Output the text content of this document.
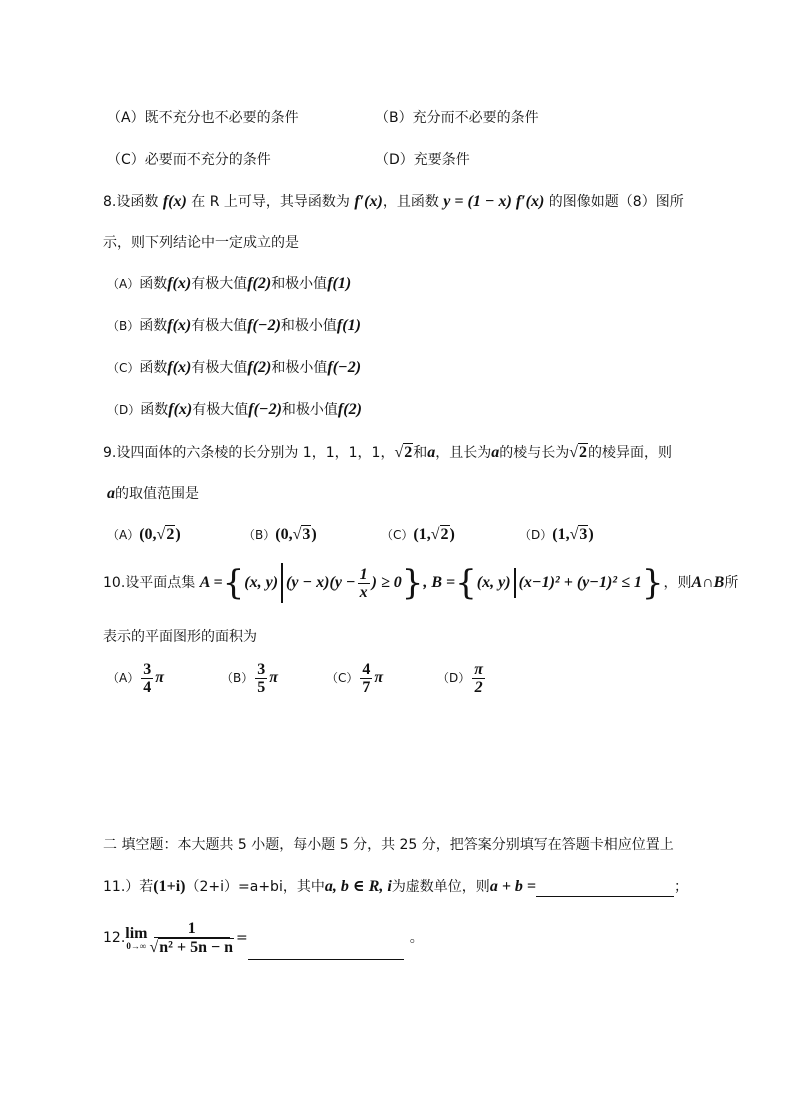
（A）既不充分也不必要的条件	（B）充分而不必要的条件
（C）必要而不充分的条件	（D）充要条件
8.设函数 f(x) 在 R 上可导，其导函数为 f′(x)，且函数 y = (1 − x) f′(x) 的图像如题（8）图所
示，则下列结论中一定成立的是
（A）函数f(x)有极大值f(2)和极小值f(1)
（B）函数f(x)有极大值f(−2)和极小值f(1)
（C）函数f(x)有极大值f(2)和极小值f(−2)
（D）函数f(x)有极大值f(−2)和极小值f(2)
9.设四面体的六条棱的长分别为 1，1，1，1，√2和a，且长为a的棱与长为√2的棱异面，则
a的取值范围是
（A）(0,√2)	（B）(0,√3)	（C）(1,√2)	（D）(1,√3)
10.设平面点集 A ={(x, y) $(y - x)(y - \frac{1}{x}$ ) ≥ 0}, B ={(x, y) (x−1)² + (y−1)² ≤ 1}，则A∩B所
表示的平面图形的面积为
$(A) \frac{3}{4}$ π	$(B) \frac{3}{5}$ π	$(C) \frac{4}{7}$ π	$(D) \frac{\pi}{2}$
二 填空题：本大题共 5 小题，每小题 5 分，共 25 分，把答案分别填写在答题卡相应位置上
11.）若(1+i)（2+i）=a+bi，其中a, b ∈ R, i为虚数单位，则a + b =	；
12. lim
$0\to\infty \frac{1}{\text{√n² + 5n − n}}$ =	。
